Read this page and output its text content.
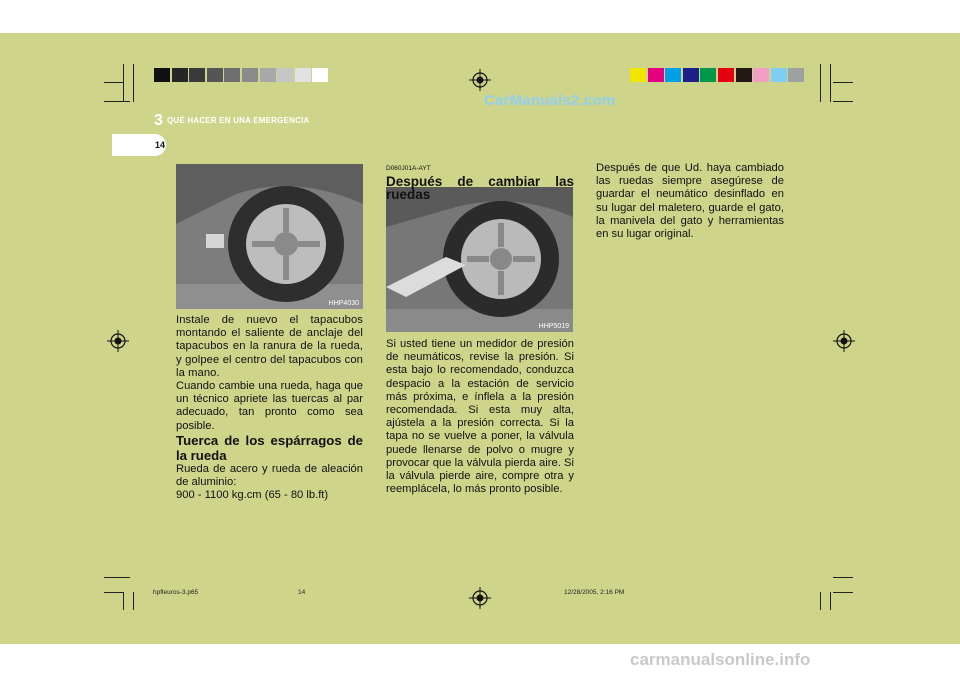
CarManuals2.com
3 QUÉ HACER EN UNA EMERGENCIA
14
HHP4030
HHP5019

Instale de nuevo el tapacubos montando el saliente de anclaje del tapacubos en la ranura de la rueda, y golpee el centro del tapacubos con la mano.

Cuando cambie una rueda, haga que un técnico apriete las tuercas al par adecuado, tan pronto como sea posible.

Tuerca de los espárragos de la rueda

Rueda de acero y rueda de aleación de aluminio:

900 - 1100 kg.cm (65 - 80 lb.ft)

D060J01A-AYT

Después de cambiar las ruedas

Si usted tiene un medidor de presión de neumáticos, revise la presión. Si esta bajo lo recomendado, conduzca despacio a la estación de servicio más próxima, e ínflela a la presión recomendada. Si esta muy alta, ajústela a la presión correcta. Si la tapa no se vuelve a poner, la válvula puede llenarse de polvo o mugre y provocar que la válvula pierda aire. Si la válvula pierde aire, compre otra y reemplácela, lo más pronto posible.

Después de que Ud. haya cambiado las ruedas siempre asegúrese de guardar el neumático desinflado en su lugar del maletero, guarde el gato, la manivela del gato y herramientas en su lugar original.

hpfleuros-3.p65	14	12/28/2005, 2:16 PM
carmanualsonline.info
